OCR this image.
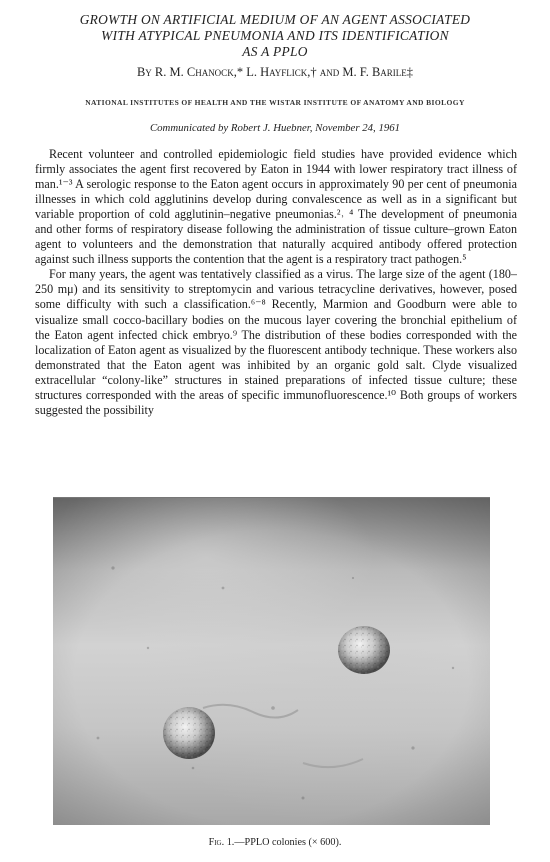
GROWTH ON ARTIFICIAL MEDIUM OF AN AGENT ASSOCIATED
WITH ATYPICAL PNEUMONIA AND ITS IDENTIFICATION
AS A PPLO
By R. M. Chanock,* L. Hayflick,† and M. F. Barile‡
NATIONAL INSTITUTES OF HEALTH AND THE WISTAR INSTITUTE OF ANATOMY AND BIOLOGY
Communicated by Robert J. Huebner, November 24, 1961

Recent volunteer and controlled epidemiologic field studies have provided evidence which firmly associates the agent first recovered by Eaton in 1944 with lower respiratory tract illness of man.¹⁻³ A serologic response to the Eaton agent occurs in approximately 90 per cent of pneumonia illnesses in which cold agglutinins develop during convalescence as well as in a significant but variable proportion of cold agglutinin–negative pneumonias.²˒ ⁴ The development of pneumonia and other forms of respiratory disease following the administration of tissue culture–grown Eaton agent to volunteers and the demonstration that naturally acquired antibody offered protection against such illness supports the contention that the agent is a respiratory tract pathogen.⁵

For many years, the agent was tentatively classified as a virus. The large size of the agent (180–250 mμ) and its sensitivity to streptomycin and various tetracycline derivatives, however, posed some difficulty with such a classification.⁶⁻⁸ Recently, Marmion and Goodburn were able to visualize small cocco-bacillary bodies on the mucous layer covering the bronchial epithelium of the Eaton agent infected chick embryo.⁹ The distribution of these bodies corresponded with the localization of Eaton agent as visualized by the fluorescent antibody technique. These workers also demonstrated that the Eaton agent was inhibited by an organic gold salt. Clyde visualized extracellular “colony-like” structures in stained preparations of infected tissue culture; these structures corresponded with the areas of specific immunofluorescence.¹⁰ Both groups of workers suggested the possibility

Fig. 1.—PPLO colonies (× 600).
